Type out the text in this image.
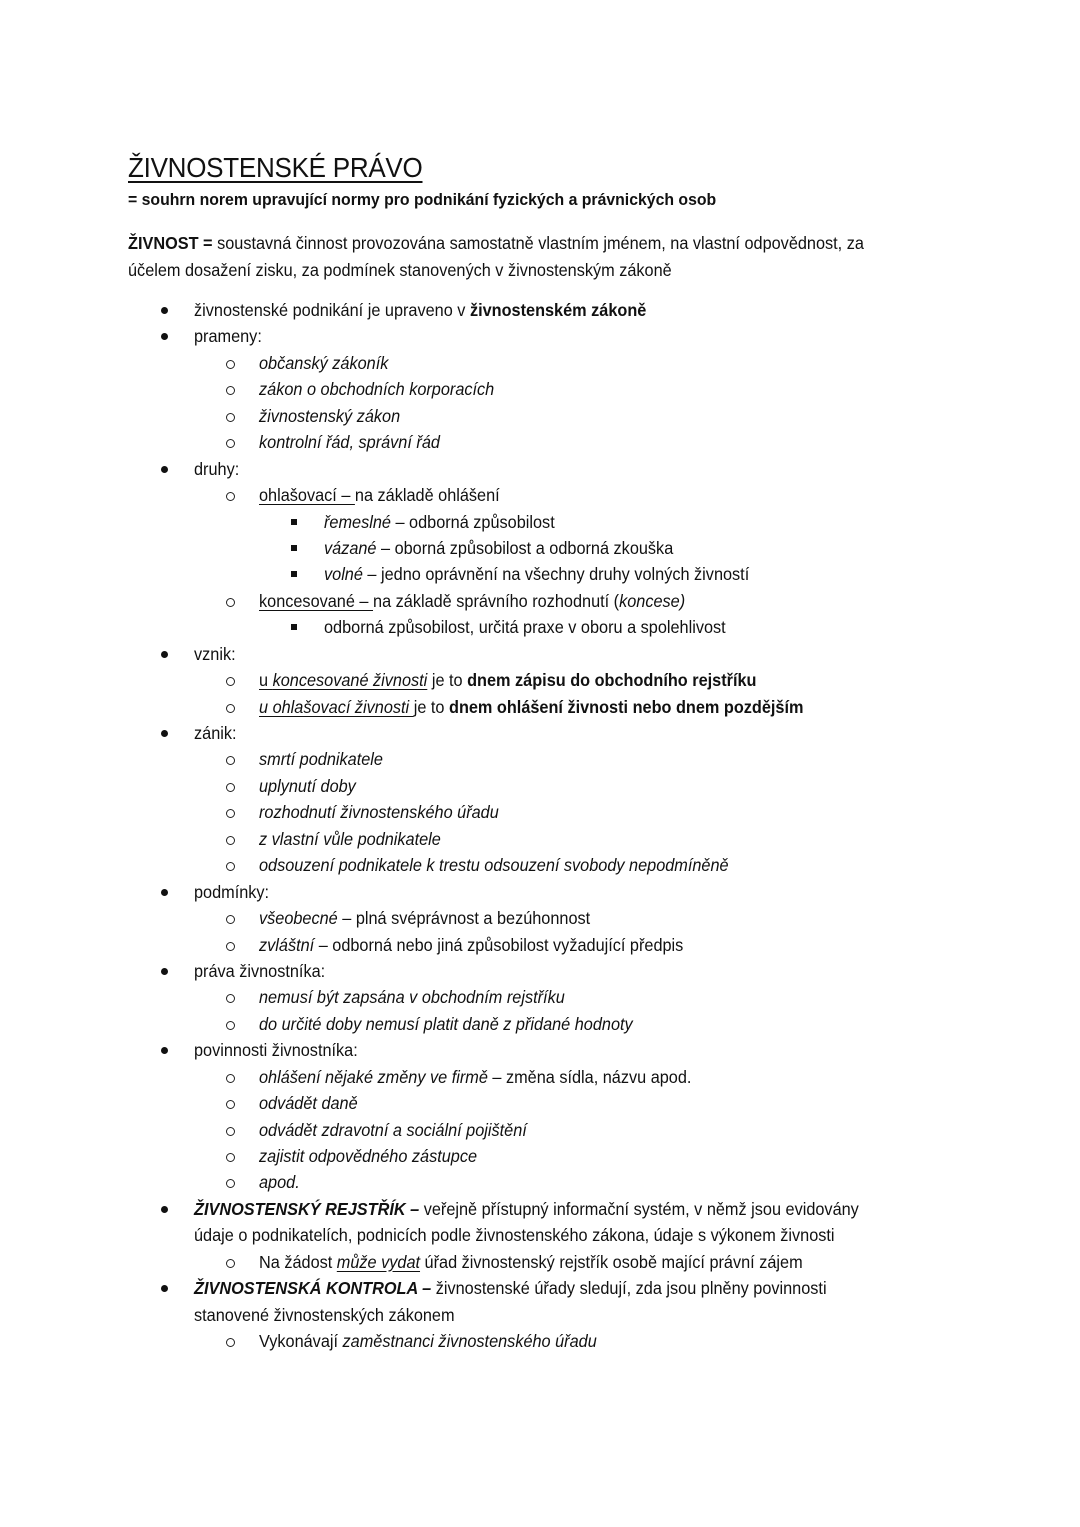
ŽIVNOSTENSKÉ PRÁVO
= souhrn norem upravující normy pro podnikání fyzických a právnických osob
ŽIVNOST = soustavná činnost provozována samostatně vlastním jménem, na vlastní odpovědnost, za
účelem dosažení zisku, za podmínek stanovených v živnostenským zákoně
živnostenské podnikání je upraveno v živnostenském zákoně
prameny:
občanský zákoník
zákon o obchodních korporacích
živnostenský zákon
kontrolní řád, správní řád
druhy:
ohlašovací – na základě ohlášení
řemeslné – odborná způsobilost
vázané – oborná způsobilost a odborná zkouška
volné – jedno oprávnění na všechny druhy volných živností
koncesované – na základě správního rozhodnutí (koncese)
odborná způsobilost, určitá praxe v oboru a spolehlivost
vznik:
u koncesované živnosti je to dnem zápisu do obchodního rejstříku
u ohlašovací živnosti je to dnem ohlášení živnosti nebo dnem pozdějším
zánik:
smrtí podnikatele
uplynutí doby
rozhodnutí živnostenského úřadu
z vlastní vůle podnikatele
odsouzení podnikatele k trestu odsouzení svobody nepodmíněně
podmínky:
všeobecné – plná svéprávnost a bezúhonnost
zvláštní – odborná nebo jiná způsobilost vyžadující předpis
práva živnostníka:
nemusí být zapsána v obchodním rejstříku
do určité doby nemusí platit daně z přidané hodnoty
povinnosti živnostníka:
ohlášení nějaké změny ve firmě – změna sídla, názvu apod.
odvádět daně
odvádět zdravotní a sociální pojištění
zajistit odpovědného zástupce
apod.
ŽIVNOSTENSKÝ REJSTŘÍK – veřejně přístupný informační systém, v němž jsou evidovány
údaje o podnikatelích, podnicích podle živnostenského zákona, údaje s výkonem živnosti
Na žádost může vydat úřad živnostenský rejstřík osobě mající právní zájem
ŽIVNOSTENSKÁ KONTROLA – živnostenské úřady sledují, zda jsou plněny povinnosti
stanovené živnostenských zákonem
Vykonávají zaměstnanci živnostenského úřadu
